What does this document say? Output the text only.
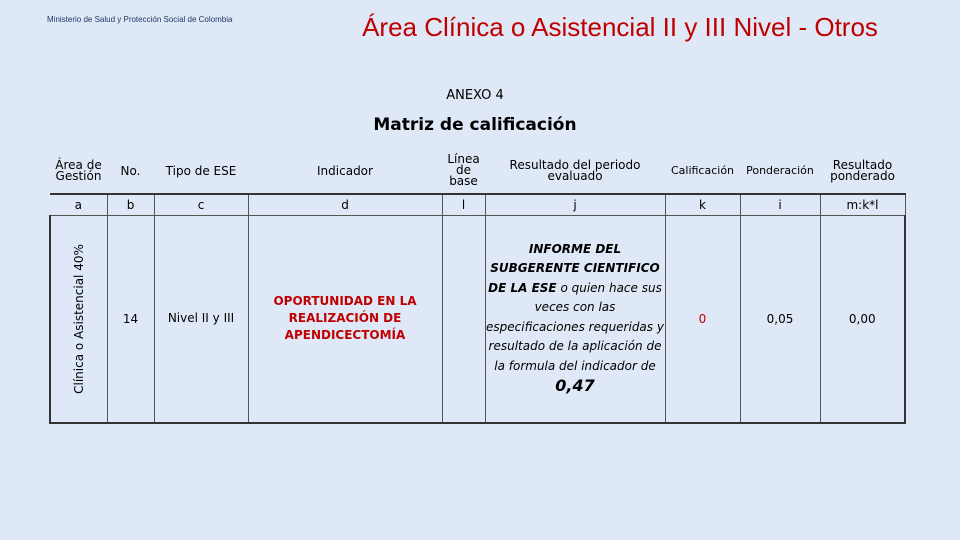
Ministerio de Salud y Protección Social de Colombia	Área Clínica o Asistencial II y III Nivel - Otros
ANEXO 4
Matriz de calificación
Área de Gestión	No.	Tipo de ESE	Indicador	Línea de base	Resultado del periodo evaluado	Calificación	Ponderación	Resultado ponderado
a	b	c	d	l	j	k	i	m:k*l

Clínica o Asistencial 40%	14	Nivel II y III	OPORTUNIDAD EN LA REALIZACIÓN DE APENDICECTOMÍA		INFORME DEL SUBGERENTE CIENTIFICO DE LA ESE o quien hace sus veces con las especificaciones requeridas y resultado de la aplicación de la formula del indicador de 0,47	0	0,05	0,00
